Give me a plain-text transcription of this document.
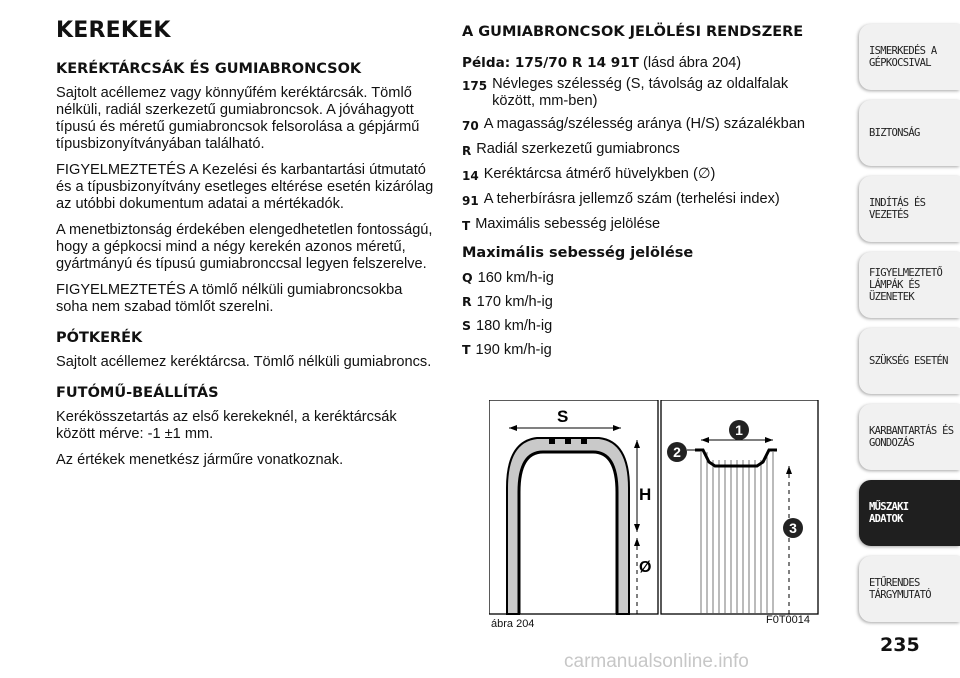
KEREKEK
KERÉKTÁRCSÁK ÉS GUMIABRONCSOK

Sajtolt acéllemez vagy könnyűfém keréktárcsák. Tömlő nélküli, radiál szerkezetű gumiabroncsok. A jóváhagyott típusú és méretű gumiabroncsok felsorolása a gépjármű típusbizonyítványában található.

FIGYELMEZTETÉS A Kezelési és karbantartási útmutató és a típusbizonyítvány esetleges eltérése esetén kizárólag az utóbbi dokumentum adatai a mértékadók.

A menetbiztonság érdekében elengedhetetlen fontosságú, hogy a gépkocsi mind a négy kerekén azonos méretű, gyártmányú és típusú gumiabronccsal legyen felszerelve.

FIGYELMEZTETÉS A tömlő nélküli gumiabroncsokba soha nem szabad tömlőt szerelni.

PÓTKERÉK

Sajtolt acéllemez keréktárcsa. Tömlő nélküli gumiabroncs.

FUTÓMŰ-BEÁLLÍTÁS

Kerékösszetartás az első kerekeknél, a keréktárcsák között mérve: -1 ±1 mm.

Az értékek menetkész járműre vonatkoznak.

A GUMIABRONCSOK JELÖLÉSI RENDSZERE
Példa: 175/70 R 14 91T (lásd ábra 204)
175 Névleges szélesség (S, távolság az oldalfalak között, mm-ben)
70 A magasság/szélesség aránya (H/S) százalékban
R Radiál szerkezetű gumiabroncs
14 Keréktárcsa átmérő hüvelykben (∅)
91 A teherbírásra jellemző szám (terhelési index)
T Maximális sebesség jelölése
Maximális sebesség jelölése
Q 160 km/h-ig
R 170 km/h-ig
S 180 km/h-ig
T 190 km/h-ig
S
H
Ø
1
2
3
ábra 204	F0T0014
ISMERKEDÉS A
GÉPKOCSIVAL
BIZTONSÁG
INDÍTÁS ÉS VEZETÉS
FIGYELMEZTETŐ
LÁMPÁK ÉS
ÜZENETEK
SZÜKSÉG ESETÉN
KARBANTARTÁS ÉS
GONDOZÁS
MŰSZAKI
ADATOK
ETŰRENDES
TÁRGYMUTATÓ
235
carmanualsonline.info
